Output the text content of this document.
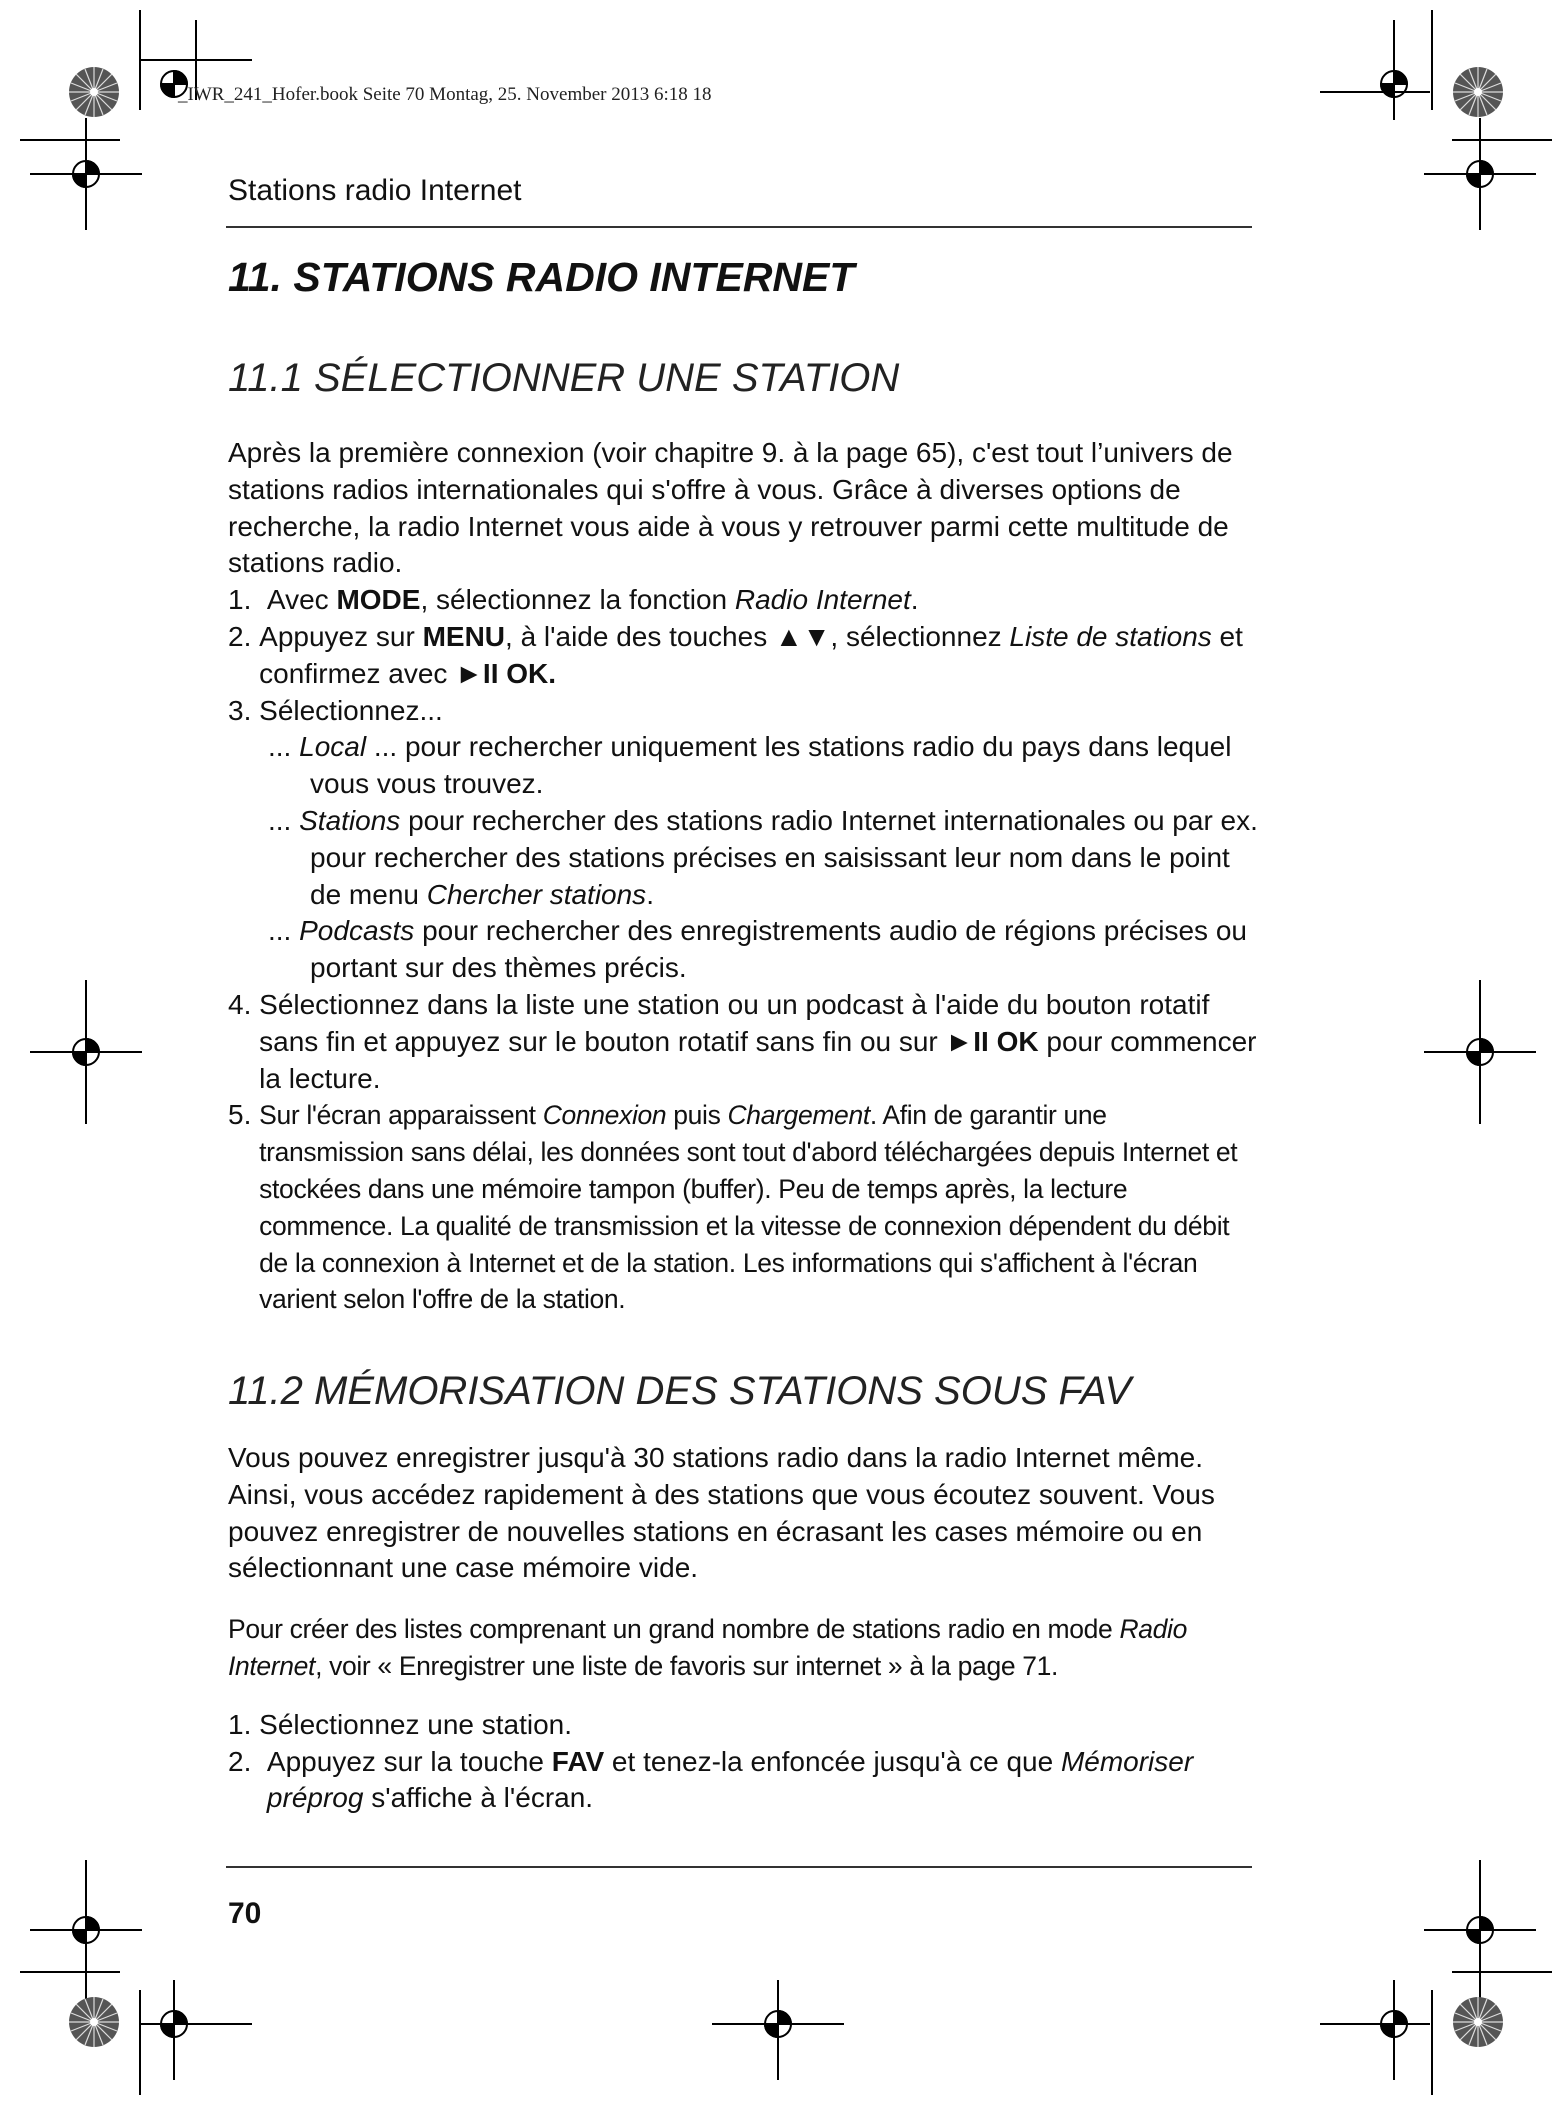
_IWR_241_Hofer.book Seite 70 Montag, 25. November 2013 6:18 18
Stations radio Internet
11. STATIONS RADIO INTERNET
11.1 SÉLECTIONNER UNE STATION

Après la première connexion (voir chapitre 9. à la page 65), c'est tout l’univers de stations radios internationales qui s'offre à vous. Grâce à diverses options de recherche, la radio Internet vous aide à vous y retrouver parmi cette multitude de stations radio.

1. Avec MODE, sélectionnez la fonction Radio Internet.
2. Appuyez sur MENU, à l'aide des touches ▲▼, sélectionnez Liste de stations et confirmez avec ►II OK.
3. Sélectionnez...

... Local ... pour rechercher uniquement les stations radio du pays dans lequel vous vous trouvez.

... Stations pour rechercher des stations radio Internet internationales ou par ex. pour rechercher des stations précises en saisissant leur nom dans le point de menu Chercher stations.

... Podcasts pour rechercher des enregistrements audio de régions précises ou portant sur des thèmes précis.

4. Sélectionnez dans la liste une station ou un podcast à l'aide du bouton rotatif sans fin et appuyez sur le bouton rotatif sans fin ou sur ►II OK pour commencer la lecture.
5. Sur l'écran apparaissent Connexion puis Chargement. Afin de garantir une transmission sans délai, les données sont tout d'abord téléchargées depuis Internet et stockées dans une mémoire tampon (buffer). Peu de temps après, la lecture commence. La qualité de transmission et la vitesse de connexion dépendent du débit de la connexion à Internet et de la station. Les informations qui s'affichent à l'écran varient selon l'offre de la station.
11.2 MÉMORISATION DES STATIONS SOUS FAV

Vous pouvez enregistrer jusqu'à 30 stations radio dans la radio Internet même. Ainsi, vous accédez rapidement à des stations que vous écoutez souvent. Vous pouvez enregistrer de nouvelles stations en écrasant les cases mémoire ou en sélectionnant une case mémoire vide.

Pour créer des listes comprenant un grand nombre de stations radio en mode Radio Internet, voir « Enregistrer une liste de favoris sur internet » à la page 71.

1. Sélectionnez une station.
2. Appuyez sur la touche FAV et tenez-la enfoncée jusqu'à ce que Mémoriser préprog s'affiche à l'écran.
70
